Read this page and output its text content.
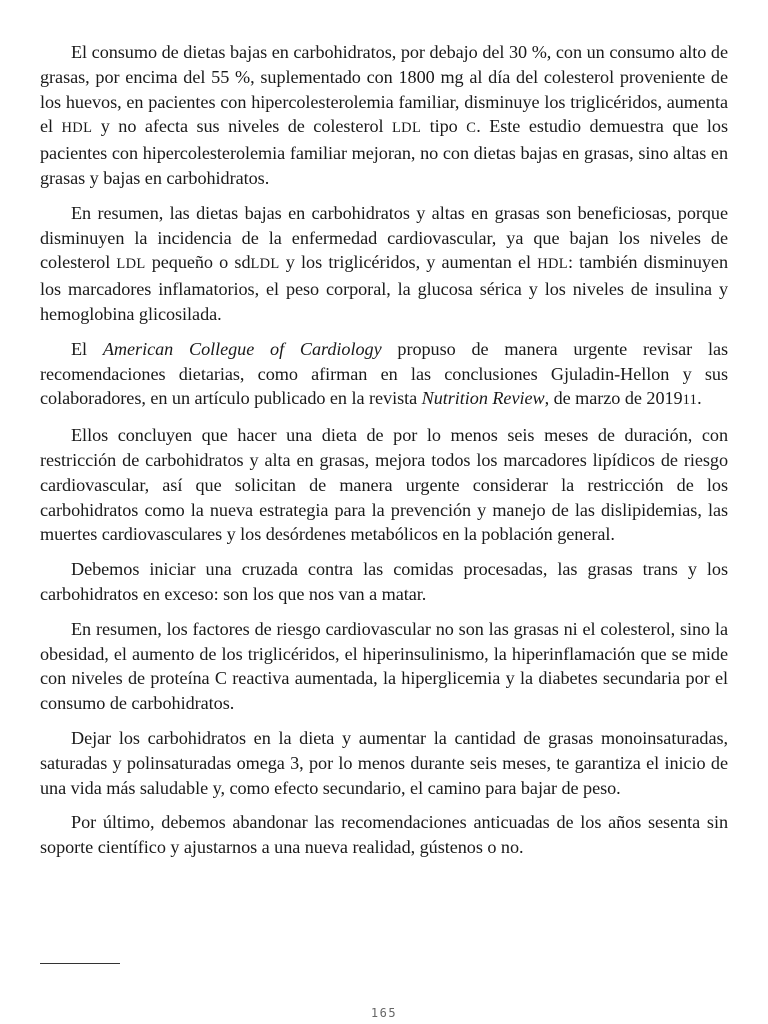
El consumo de dietas bajas en carbohidratos, por debajo del 30 %, con un consumo alto de grasas, por encima del 55 %, suplementado con 1800 mg al día del colesterol proveniente de los huevos, en pacientes con hipercolesterolemia familiar, disminuye los triglicéridos, aumenta el HDL y no afecta sus niveles de colesterol LDL tipo C. Este estudio demuestra que los pacientes con hipercolesterolemia familiar mejoran, no con dietas bajas en grasas, sino altas en grasas y bajas en carbohidratos.

En resumen, las dietas bajas en carbohidratos y altas en grasas son beneficiosas, porque disminuyen la incidencia de la enfermedad cardiovascular, ya que bajan los niveles de colesterol LDL pequeño o sdLDL y los triglicéridos, y aumentan el HDL: también disminuyen los marcadores inflamatorios, el peso corporal, la glucosa sérica y los niveles de insulina y hemoglobina glicosilada.

El American Collegue of Cardiology propuso de manera urgente revisar las recomendaciones dietarias, como afirman en las conclusiones Gjuladin-Hellon y sus colaboradores, en un artículo publicado en la revista Nutrition Review, de marzo de 201911.

Ellos concluyen que hacer una dieta de por lo menos seis meses de duración, con restricción de carbohidratos y alta en grasas, mejora todos los marcadores lipídicos de riesgo cardiovascular, así que solicitan de manera urgente considerar la restricción de los carbohidratos como la nueva estrategia para la prevención y manejo de las dislipidemias, las muertes cardiovasculares y los desórdenes metabólicos en la población general.

Debemos iniciar una cruzada contra las comidas procesadas, las grasas trans y los carbohidratos en exceso: son los que nos van a matar.

En resumen, los factores de riesgo cardiovascular no son las grasas ni el colesterol, sino la obesidad, el aumento de los triglicéridos, el hiperinsulinismo, la hiperinflamación que se mide con niveles de proteína C reactiva aumentada, la hiperglicemia y la diabetes secundaria por el consumo de carbohidratos.

Dejar los carbohidratos en la dieta y aumentar la cantidad de grasas monoinsaturadas, saturadas y polinsaturadas omega 3, por lo menos durante seis meses, te garantiza el inicio de una vida más saludable y, como efecto secundario, el camino para bajar de peso.

Por último, debemos abandonar las recomendaciones anticuadas de los años sesenta sin soporte científico y ajustarnos a una nueva realidad, gústenos o no.

165
